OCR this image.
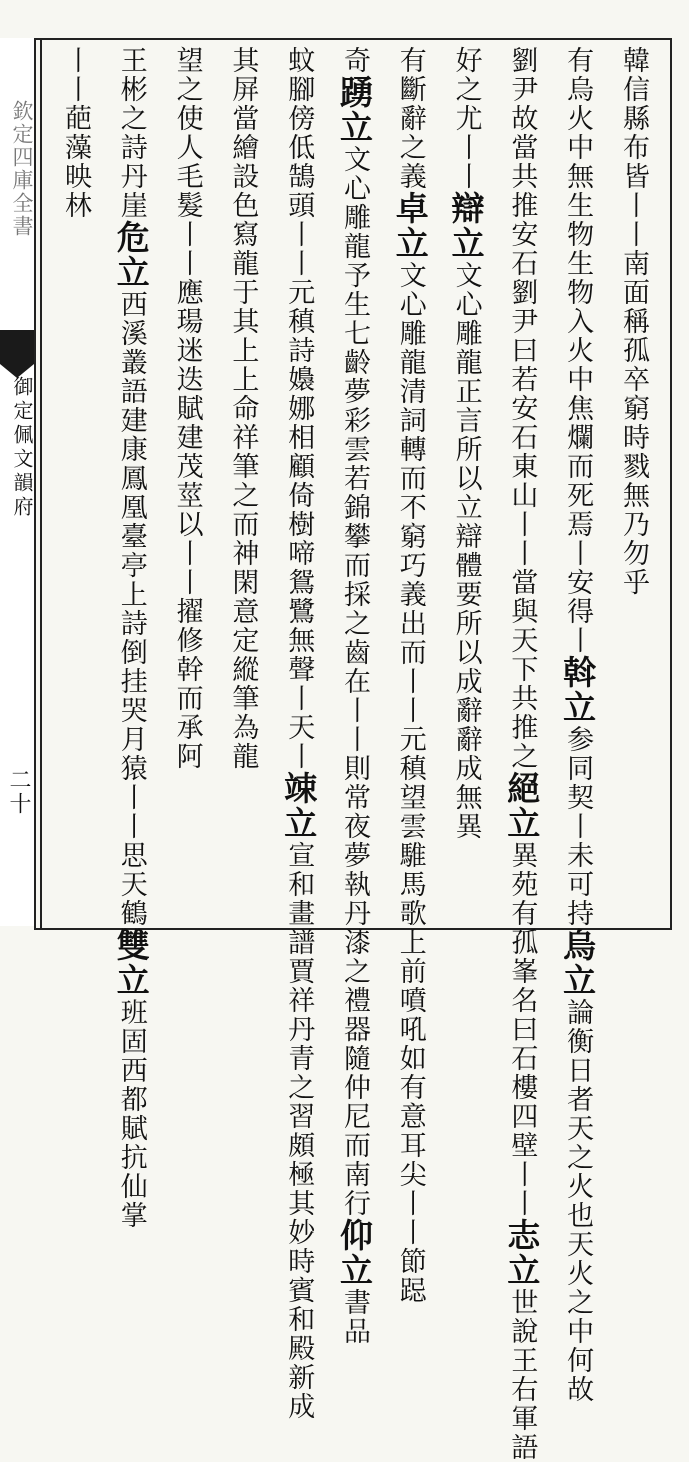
欽定四庫全書
御定佩文韻府
二十
韓信縣布皆丨丨南面稱孤卒窮時戮無乃勿乎
有烏火中無生物生物入火中焦爛而死焉丨安得丨斡立参同契丨未可持烏立論衡日者天之火也天火之中何故
劉尹故當共推安石劉尹曰若安石東山丨丨當與天下共推之絕立異苑有孤峯名曰石樓四壁丨丨志立世說王右軍語
好之尤丨丨辯立文心雕龍正言所以立辯體要所以成辭辭成無異
有斷辭之義卓立文心雕龍清詞轉而不窮巧義出而丨丨元稹望雲騅馬歌上前噴吼如有意耳尖丨丨節跽
奇踴立文心雕龍予生七齡夢彩雲若錦攀而採之齒在丨丨則常夜夢執丹漆之禮器隨仲尼而南行仰立書品
蚊腳傍低鵠頭丨丨元稹詩嬝娜相顧倚樹啼鴛鷺無聲丨天丨竦立宣和畫譜賈祥丹青之習頗極其妙時賓和殿新成
其屏當繪設色寫龍于其上上命祥筆之而神閑意定縱筆為龍
望之使人毛髮丨丨應瑒迷迭賦建茂莖以丨丨擢修幹而承阿
王彬之詩丹崖危立西溪叢語建康鳳凰臺亭上詩倒挂哭月猿丨丨思天鶴雙立班固西都賦抗仙掌
丨丨葩藻映林
